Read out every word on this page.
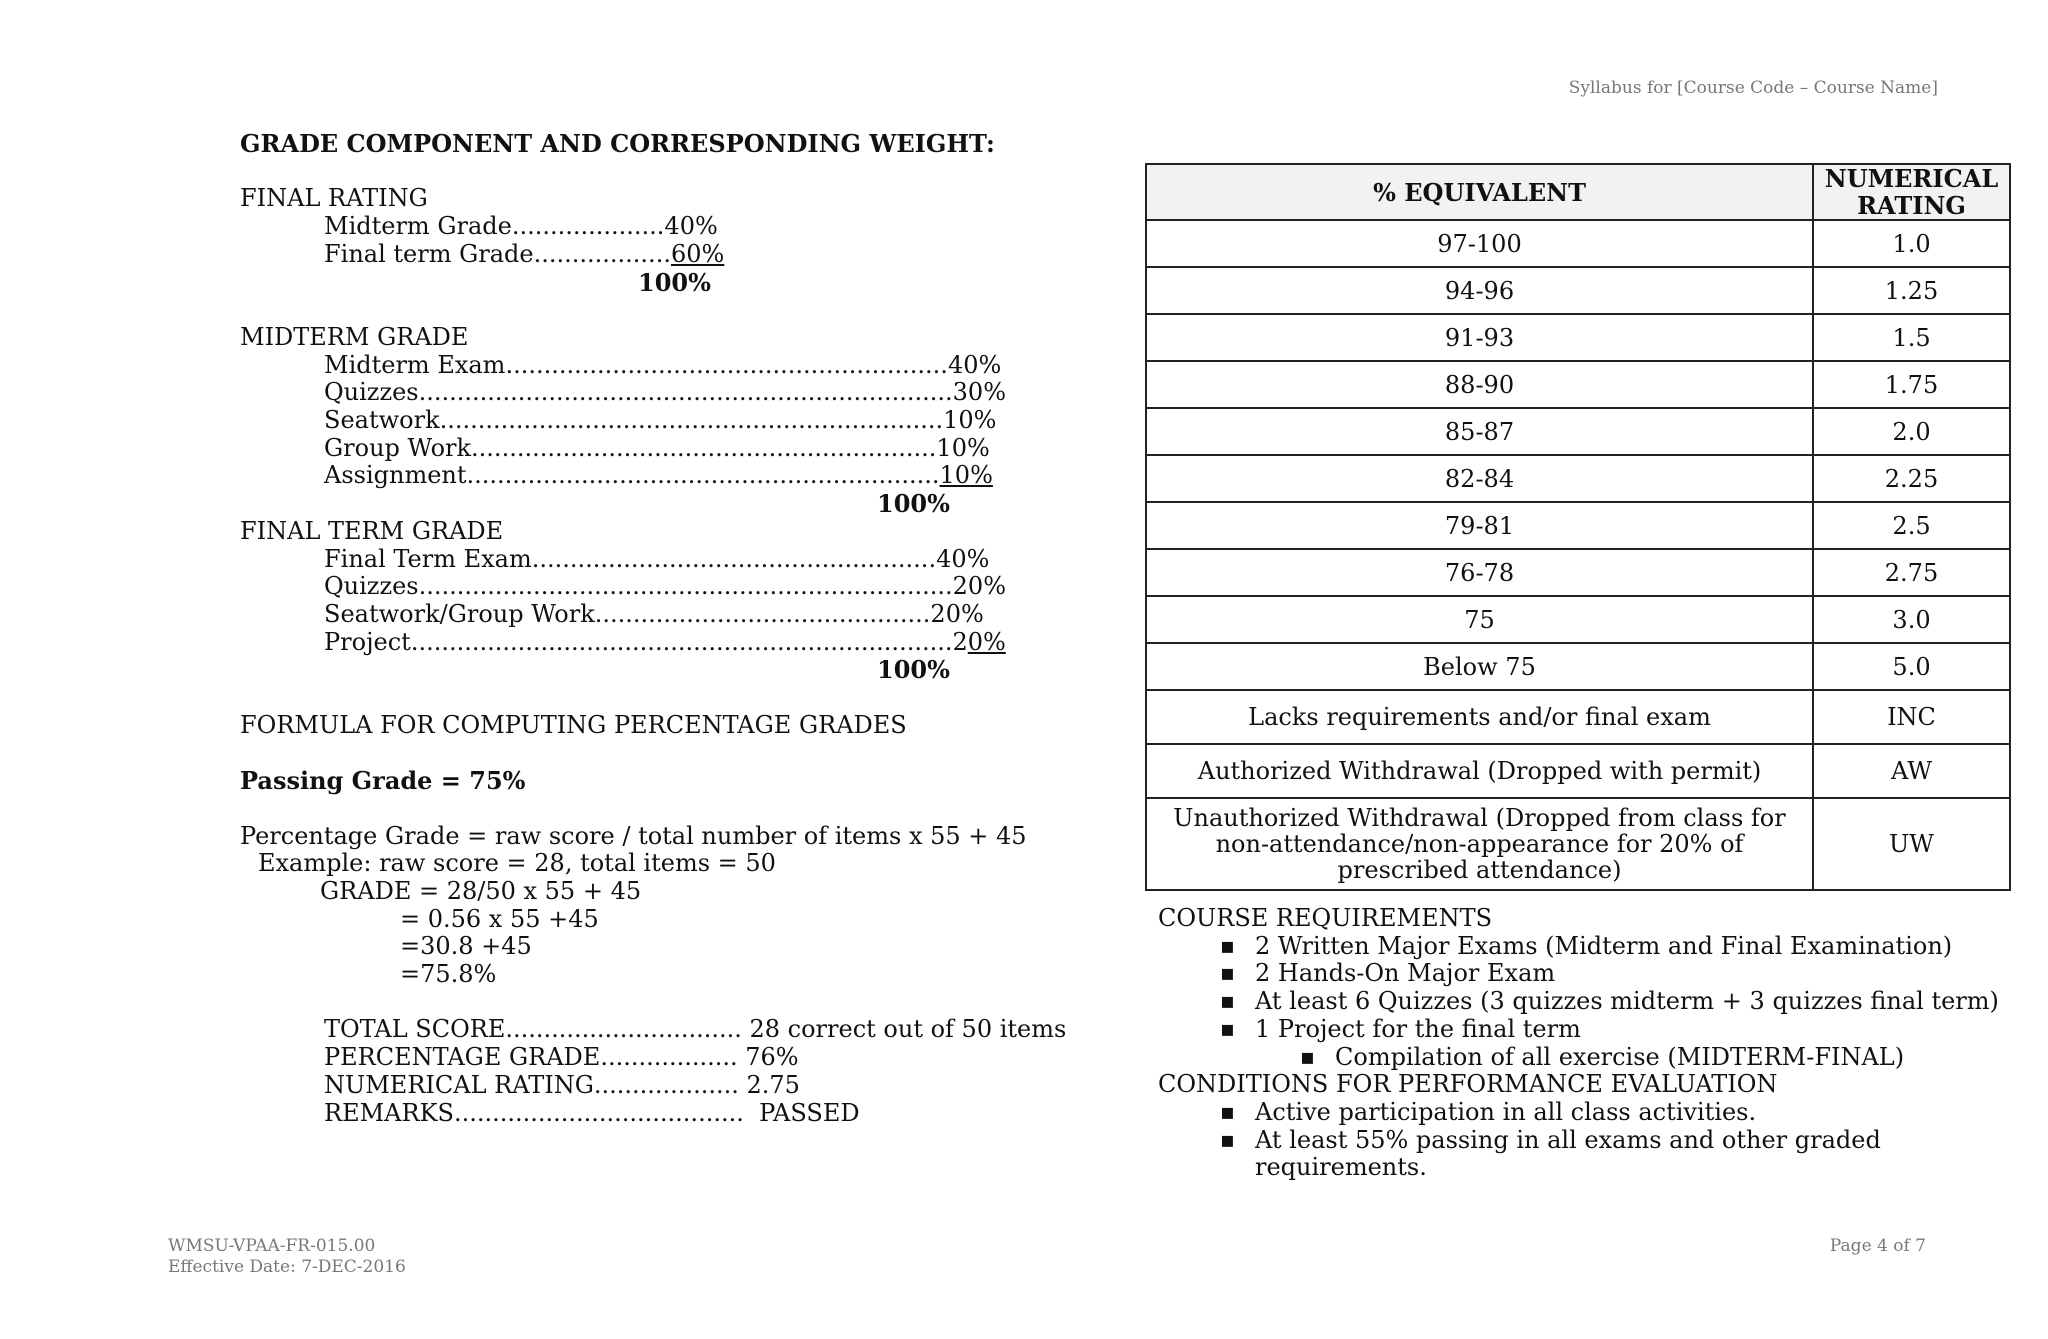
Syllabus for [Course Code – Course Name]
GRADE COMPONENT AND CORRESPONDING WEIGHT:
FINAL RATING
Midterm Grade .................... 40%
Final term Grade .................. 60%
100%
MIDTERM GRADE
Midterm Exam .......................................................... 40%
Quizzes ...................................................................... 30%
Seatwork .................................................................. 10%
Group Work ............................................................. 10%
Assignment .............................................................. 10%
100%
FINAL TERM GRADE
Final Term Exam ..................................................... 40%
Quizzes ...................................................................... 20%
Seatwork/Group Work ............................................ 20%
Project ....................................................................... 2 0%
100%
FORMULA FOR COMPUTING PERCENTAGE GRADES
Passing Grade = 75%
Percentage Grade = raw score / total number of items x 55 + 45
Example: raw score = 28, total items = 50
GRADE = 28/50 x 55 + 45
= 0.56 x 55 +45
=30.8 +45
=75.8%
TOTAL SCORE ............................... 28 correct out of 50 items
PERCENTAGE GRADE .................. 76%
NUMERICAL RATING ................... 2.75
REMARKS ...................................... PASSED
% EQUIVALENT	NUMERICAL
RATING

97-100	1.0
94-96	1.25
91-93	1.5
88-90	1.75
85-87	2.0
82-84	2.25
79-81	2.5
76-78	2.75
75	3.0
Below 75	5.0
Lacks requirements and/or final exam	INC
Authorized Withdrawal (Dropped with permit)	AW
Unauthorized Withdrawal (Dropped from class for non-attendance/non-appearance for 20% of prescribed attendance)	UW
COURSE REQUIREMENTS
▪ 2 Written Major Exams (Midterm and Final Examination)
▪ 2 Hands-On Major Exam
▪ At least 6 Quizzes (3 quizzes midterm + 3 quizzes final term)
▪ 1 Project for the final term
▪ Compilation of all exercise (MIDTERM-FINAL)
CONDITIONS FOR PERFORMANCE EVALUATION
▪ Active participation in all class activities.
▪ At least 55% passing in all exams and other graded requirements.
WMSU-VPAA-FR-015.00
Effective Date: 7-DEC-2016
Page 4 of 7
